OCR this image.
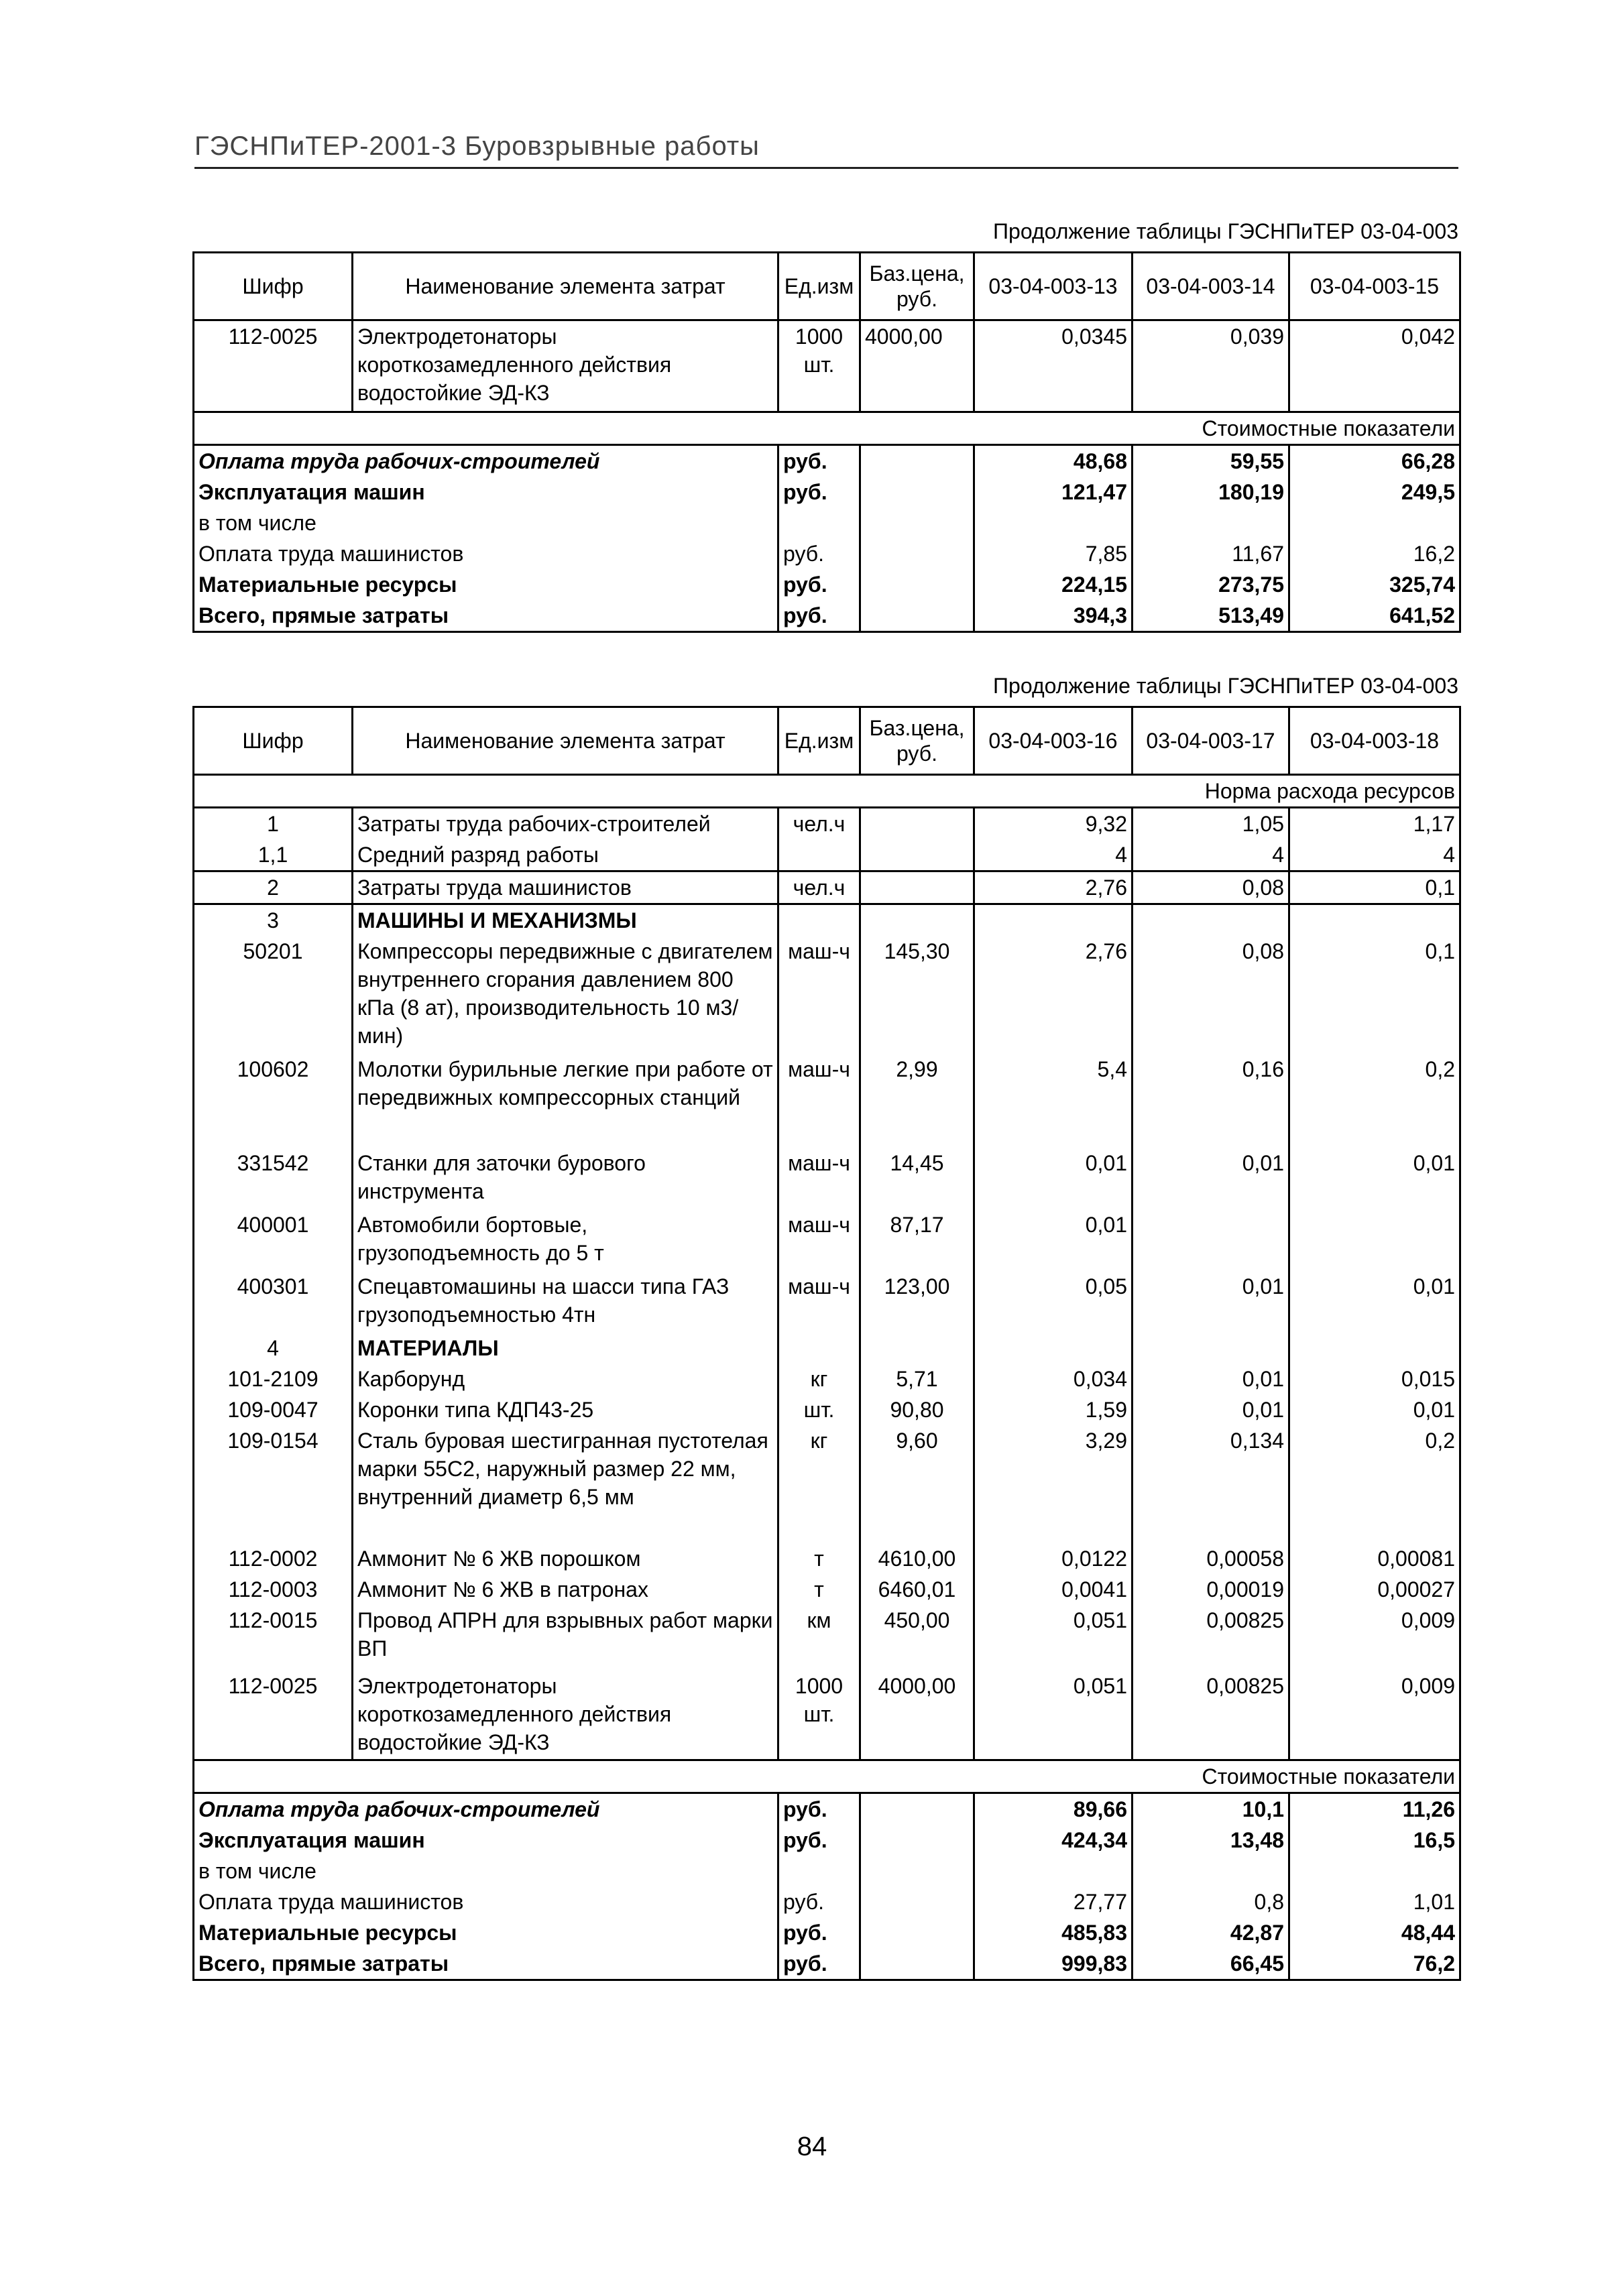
ГЭСНПиТЕР-2001-3 Буровзрывные работы
Продолжение таблицы ГЭСНПиТЕР 03-04-003
Шифр	Наименование элемента затрат	Ед.изм	Баз.цена, руб.	03-04-003-13	03-04-003-14	03-04-003-15
112-0025	Электродетонаторы короткозамедленного действия водостойкие ЭД-КЗ	1000 шт.	4000,00	0,0345	0,039	0,042
Стоимостные показатели						
Оплата труда рабочих-строителей		руб.		48,68	59,55	66,28
Эксплуатация машин		руб.		121,47	180,19	249,5
в том числе						
Оплата труда машинистов		руб.		7,85	11,67	16,2
Материальные ресурсы		руб.		224,15	273,75	325,74
Всего, прямые затраты		руб.		394,3	513,49	641,52
Продолжение таблицы ГЭСНПиТЕР 03-04-003
Шифр	Наименование элемента затрат	Ед.изм	Баз.цена, руб.	03-04-003-16	03-04-003-17	03-04-003-18
Норма расхода ресурсов						
1	Затраты труда рабочих-строителей	чел.ч		9,32	1,05	1,17
1,1	Средний разряд работы			4	4	4
2	Затраты труда машинистов	чел.ч		2,76	0,08	0,1
3	МАШИНЫ И МЕХАНИЗМЫ					
50201	Компрессоры передвижные с двигателем внутреннего сгорания давлением 800 кПа (8 ат), производительность 10 м3/мин)	маш-ч	145,30	2,76	0,08	0,1
100602	Молотки бурильные легкие при работе от передвижных компрессорных станций	маш-ч	2,99	5,4	0,16	0,2
331542	Станки для заточки бурового инструмента	маш-ч	14,45	0,01	0,01	0,01
400001	Автомобили бортовые, грузоподъемность до 5 т	маш-ч	87,17	0,01		
400301	Спецавтомашины на шасси типа ГАЗ грузоподъемностью 4тн	маш-ч	123,00	0,05	0,01	0,01
4	МАТЕРИАЛЫ					
101-2109	Карборунд	кг	5,71	0,034	0,01	0,015
109-0047	Коронки типа КДП43-25	шт.	90,80	1,59	0,01	0,01
109-0154	Сталь буровая шестигранная пустотелая марки 55С2, наружный размер 22 мм, внутренний диаметр 6,5 мм	кг	9,60	3,29	0,134	0,2
112-0002	Аммонит № 6 ЖВ порошком	т	4610,00	0,0122	0,00058	0,00081
112-0003	Аммонит № 6 ЖВ в патронах	т	6460,01	0,0041	0,00019	0,00027
112-0015	Провод АПРН для взрывных работ марки ВП	км	450,00	0,051	0,00825	0,009
112-0025	Электродетонаторы короткозамедленного действия водостойкие ЭД-КЗ	1000 шт.	4000,00	0,051	0,00825	0,009
Стоимостные показатели						
Оплата труда рабочих-строителей		руб.		89,66	10,1	11,26
Эксплуатация машин		руб.		424,34	13,48	16,5
в том числе						
Оплата труда машинистов		руб.		27,77	0,8	1,01
Материальные ресурсы		руб.		485,83	42,87	48,44
Всего, прямые затраты		руб.		999,83	66,45	76,2
84
